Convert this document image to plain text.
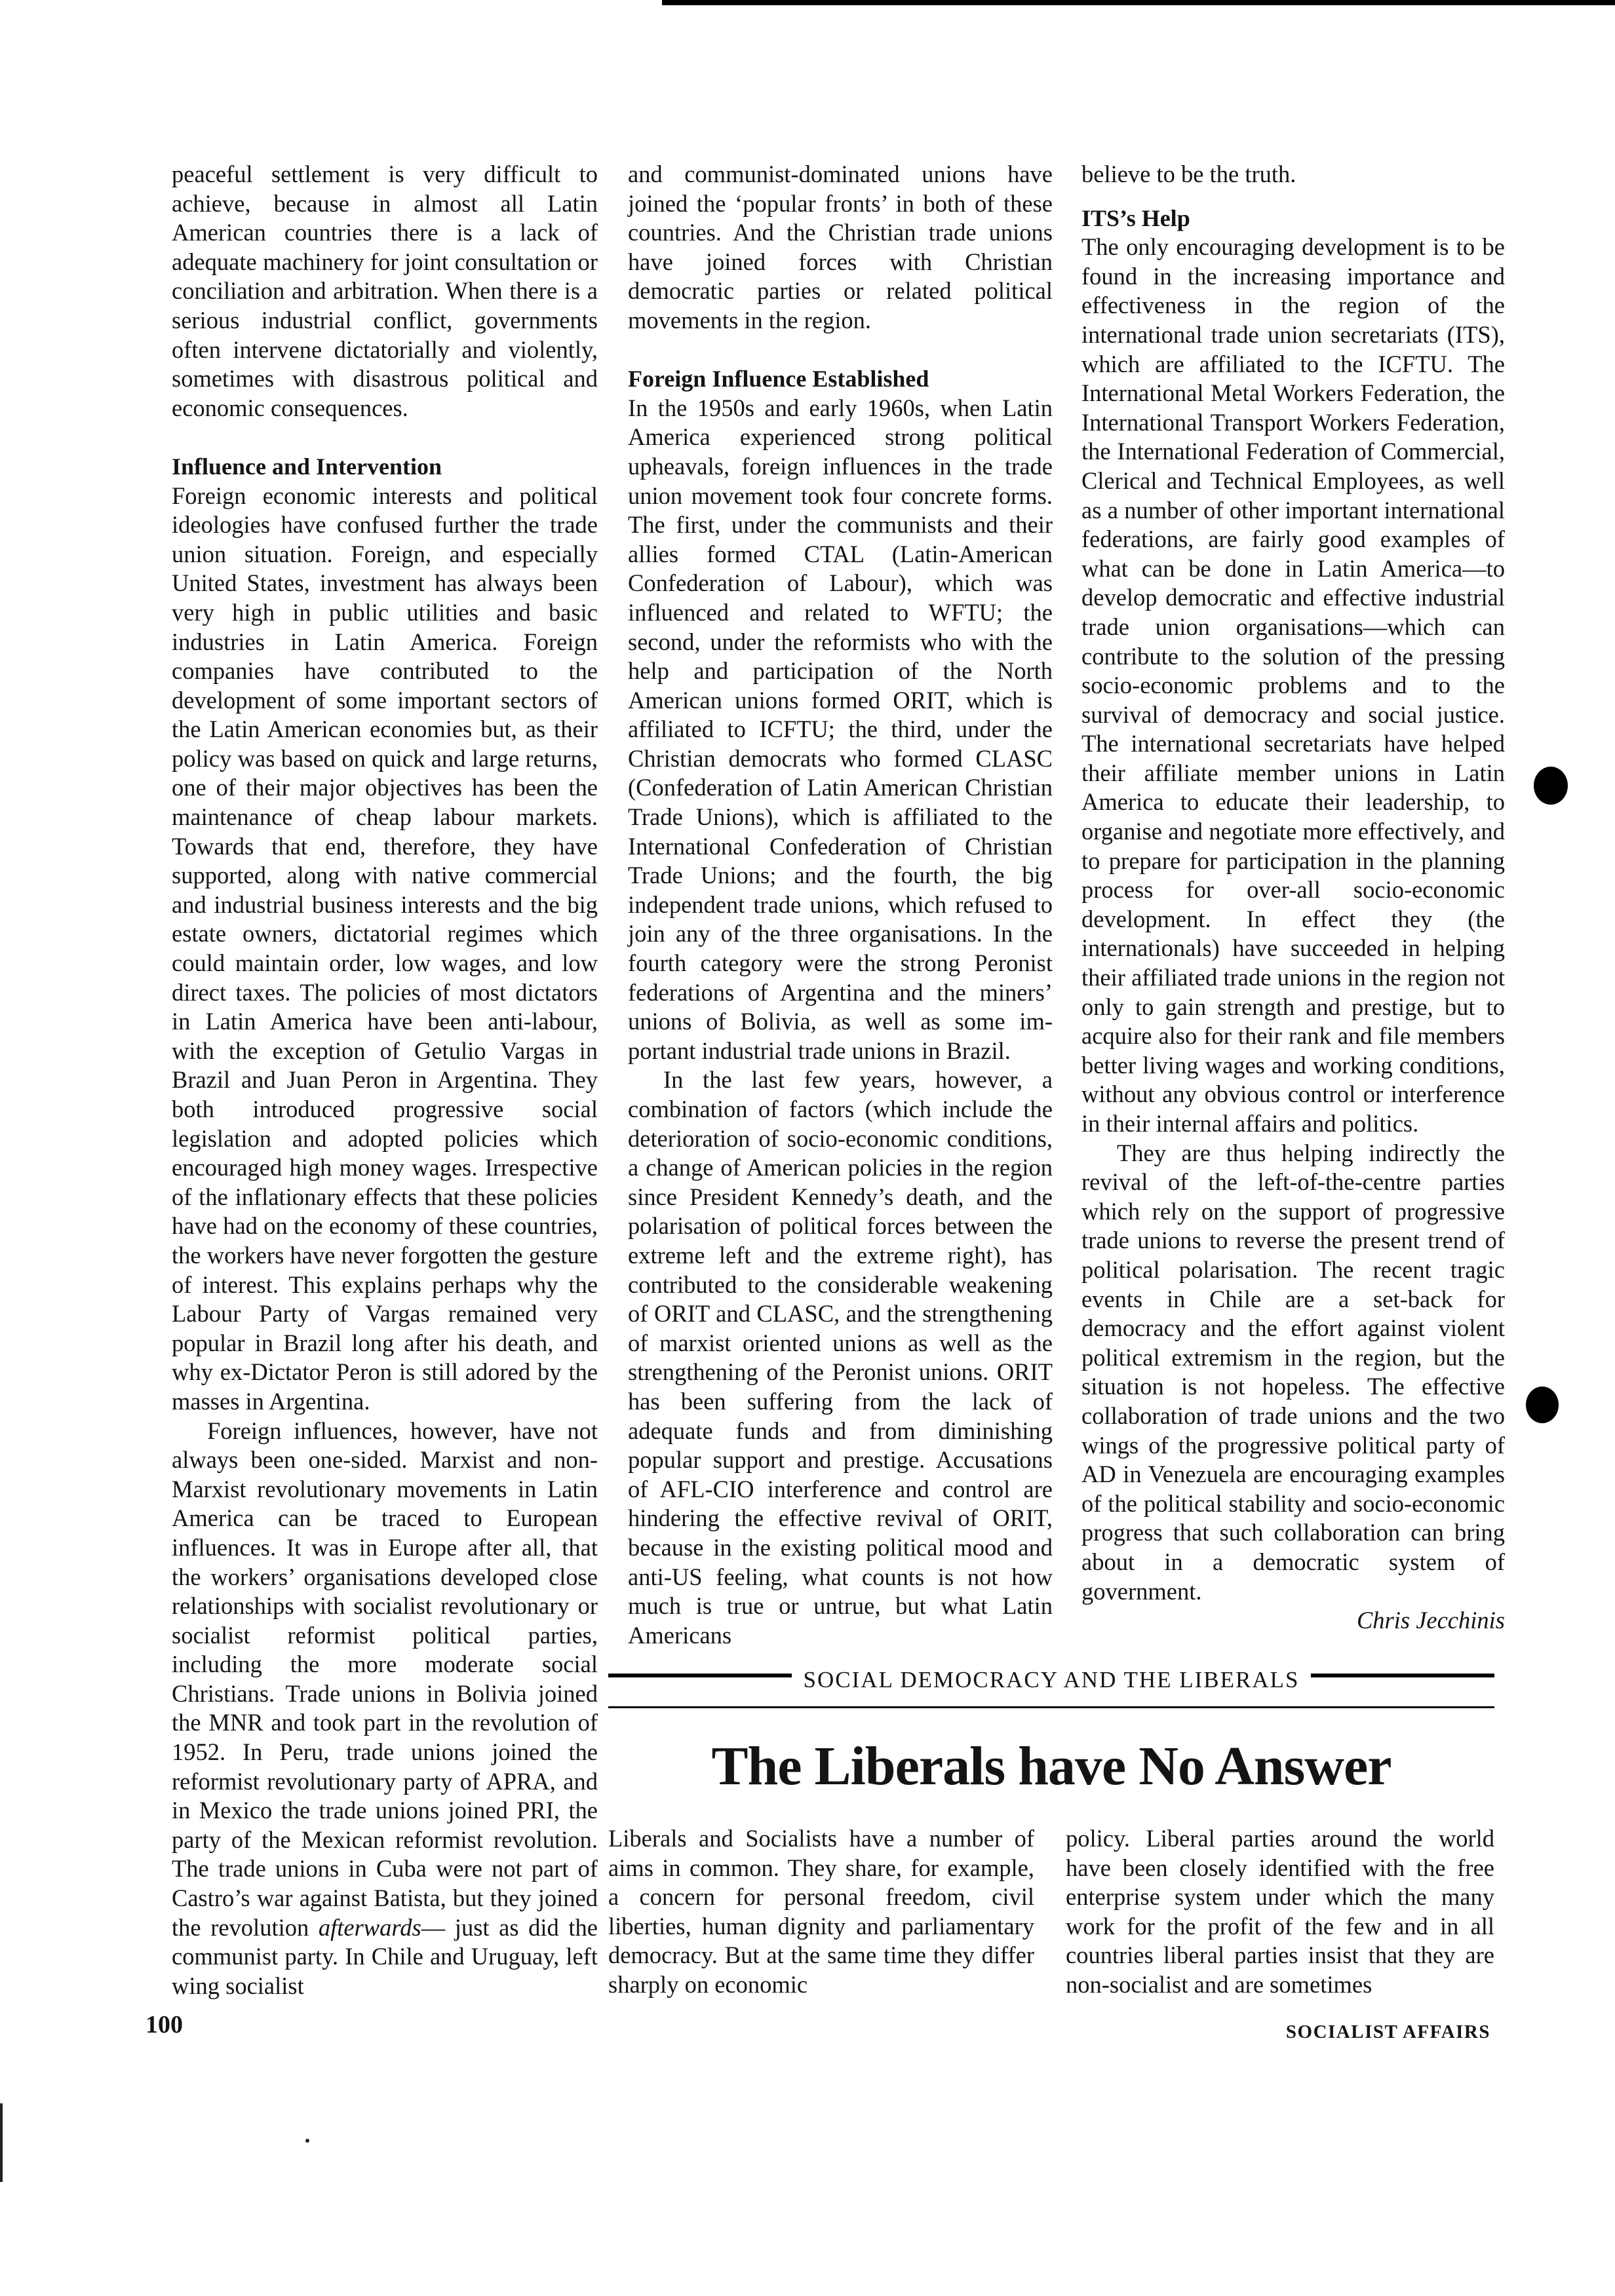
peaceful settlement is very difficult to achieve, because in almost all Latin American countries there is a lack of adequate machinery for joint consultation or conciliation and arbitration. When there is a serious industrial conflict, governments often intervene dictatorially and violently, sometimes with disastrous political and economic consequences.

Influence and Intervention

Foreign economic interests and political ideologies have confused further the trade union situation. Foreign, and especially United States, investment has always been very high in public utilities and basic industries in Latin America. Foreign companies have contributed to the development of some important sectors of the Latin American economies but, as their policy was based on quick and large returns, one of their major objectives has been the maintenance of cheap labour markets. Towards that end, therefore, they have supported, along with native commercial and industrial business interests and the big estate owners, dictatorial regimes which could maintain order, low wages, and low direct taxes. The policies of most dictators in Latin America have been anti-labour, with the exception of Getulio Vargas in Brazil and Juan Peron in Argentina. They both introduced progressive social legislation and adopted policies which encouraged high money wages. Irrespective of the inflationary effects that these policies have had on the economy of these countries, the workers have never forgotten the gesture of interest. This explains perhaps why the Labour Party of Vargas remained very popular in Brazil long after his death, and why ex-Dictator Peron is still adored by the masses in Argentina.

Foreign influences, however, have not always been one-sided. Marxist and non-Marxist revolutionary movements in Latin America can be traced to European influences. It was in Europe after all, that the workers’ organisations developed close relationships with socialist revolutionary or socialist reformist political parties, including the more moderate social Christians. Trade unions in Bolivia joined the MNR and took part in the revolution of 1952. In Peru, trade unions joined the reformist revolutionary party of APRA, and in Mexico the trade unions joined PRI, the party of the Mexican reformist revolution. The trade unions in Cuba were not part of Castro’s war against Batista, but they joined the revolution afterwards— just as did the communist party. In Chile and Uruguay, left wing socialist

and communist-dominated unions have joined the ‘popular fronts’ in both of these countries. And the Christian trade unions have joined forces with Christian democratic parties or related political movements in the region.

Foreign Influence Established

In the 1950s and early 1960s, when Latin America experienced strong political upheavals, foreign influences in the trade union movement took four concrete forms. The first, under the communists and their allies formed CTAL (Latin-American Confederation of Labour), which was influenced and related to WFTU; the second, under the reformists who with the help and participation of the North American unions formed ORIT, which is affiliated to ICFTU; the third, under the Christian democrats who formed CLASC (Confederation of Latin American Christian Trade Unions), which is affiliated to the International Confederation of Christian Trade Unions; and the fourth, the big independent trade unions, which refused to join any of the three organisations. In the fourth category were the strong Peronist federations of Argentina and the miners’ unions of Bolivia, as well as some important industrial trade unions in Brazil.

In the last few years, however, a combination of factors (which include the deterioration of socio-economic conditions, a change of American policies in the region since President Kennedy’s death, and the polarisation of political forces between the extreme left and the extreme right), has contributed to the considerable weakening of ORIT and CLASC, and the strengthening of marxist oriented unions as well as the strengthening of the Peronist unions. ORIT has been suffering from the lack of adequate funds and from diminishing popular support and prestige. Accusations of AFL-CIO interference and control are hindering the effective revival of ORIT, because in the existing political mood and anti-US feeling, what counts is not how much is true or untrue, but what Latin Americans

believe to be the truth.

ITS’s Help

The only encouraging development is to be found in the increasing importance and effectiveness in the region of the international trade union secretariats (ITS), which are affiliated to the ICFTU. The International Metal Workers Federation, the International Transport Workers Federation, the International Federation of Commercial, Clerical and Technical Employees, as well as a number of other important international federations, are fairly good examples of what can be done in Latin America—to develop democratic and effective industrial trade union organisations—which can contribute to the solution of the pressing socio-economic problems and to the survival of democracy and social justice. The international secretariats have helped their affiliate member unions in Latin America to educate their leadership, to organise and negotiate more effectively, and to prepare for participation in the planning process for over-all socio-economic development. In effect they (the internationals) have succeeded in helping their affiliated trade unions in the region not only to gain strength and prestige, but to acquire also for their rank and file members better living wages and working conditions, without any obvious control or interference in their internal affairs and politics.

They are thus helping indirectly the revival of the left-of-the-centre parties which rely on the support of progressive trade unions to reverse the present trend of political polarisation. The recent tragic events in Chile are a set-back for democracy and the effort against violent political extremism in the region, but the situation is not hopeless. The effective collaboration of trade unions and the two wings of the progressive political party of AD in Venezuela are encouraging examples of the political stability and socio-economic progress that such collaboration can bring about in a democratic system of government.

Chris Jecchinis

SOCIAL DEMOCRACY AND THE LIBERALS
The Liberals have No Answer

Liberals and Socialists have a number of aims in common. They share, for example, a concern for personal freedom, civil liberties, human dignity and parliamentary democracy. But at the same time they differ sharply on economic

policy. Liberal parties around the world have been closely identified with the free enterprise system under which the many work for the profit of the few and in all countries liberal parties insist that they are non-socialist and are sometimes

100	SOCIALIST AFFAIRS
